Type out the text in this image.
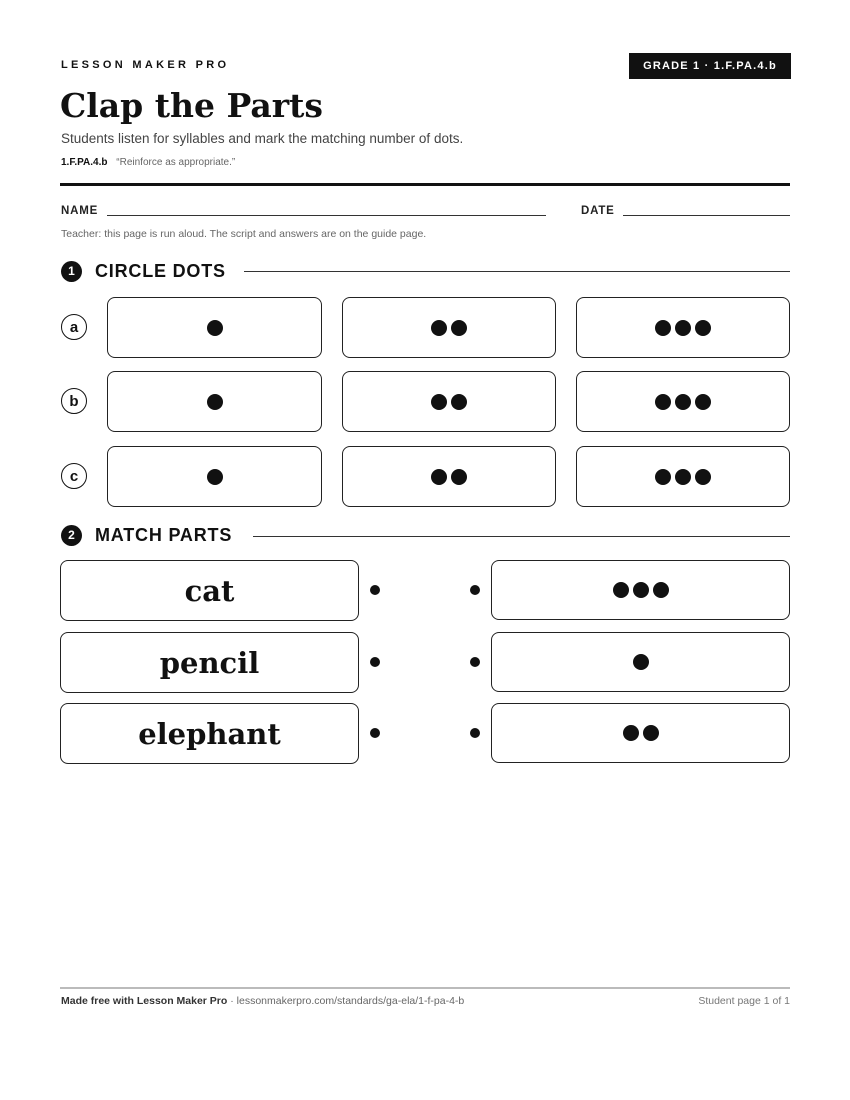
LESSON MAKER PRO	GRADE 1 · 1.F.PA.4.b
Clap the Parts
Students listen for syllables and mark the matching number of dots.
1.F.PA.4.b “Reinforce as appropriate.”
NAME	DATE
Teacher: this page is run aloud. The script and answers are on the guide page.
1	CIRCLE DOTS
a
b
c
2	MATCH PARTS
cat
pencil
elephant
Made free with Lesson Maker Pro · lessonmakerpro.com/standards/ga-ela/1-f-pa-4-b	Student page 1 of 1
